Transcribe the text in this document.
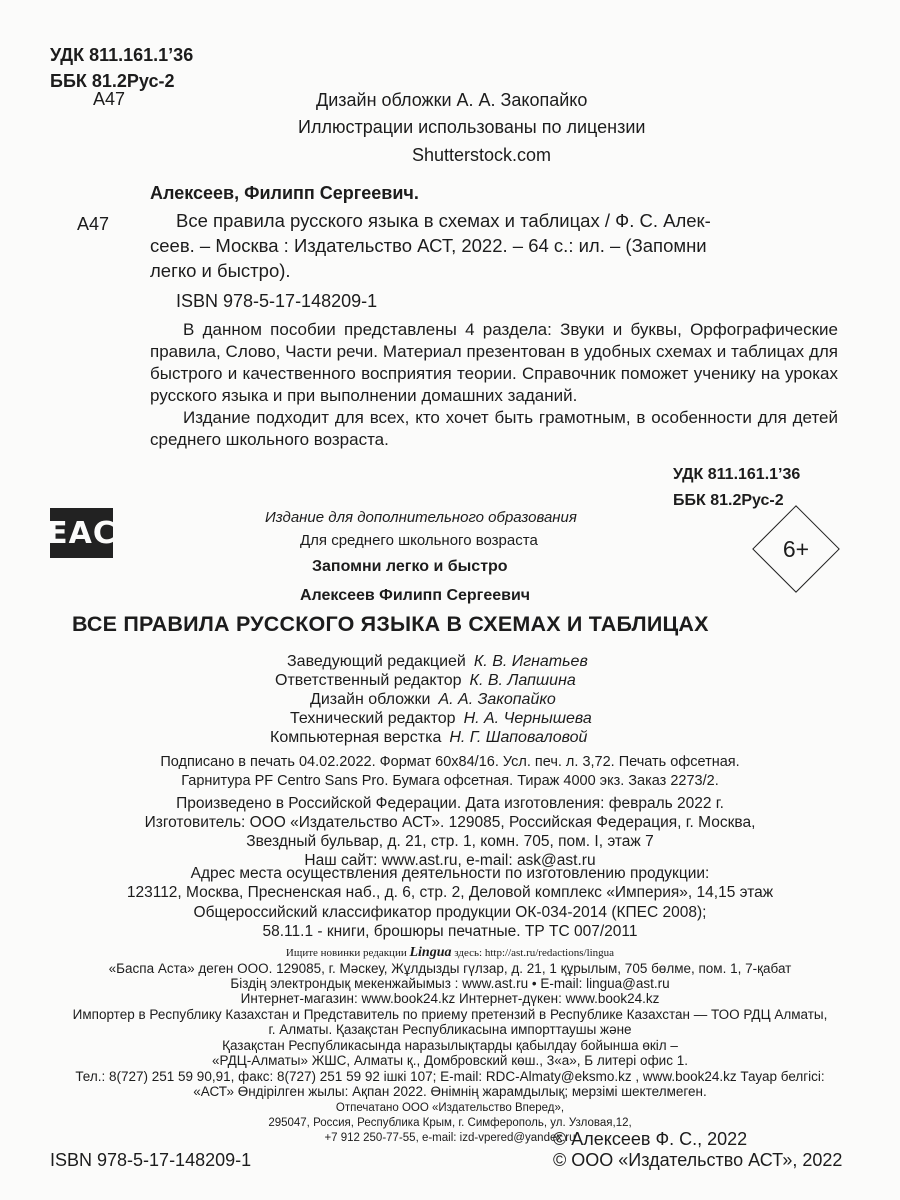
УДК 811.161.1’36
ББК 81.2Рус-2
А47	Дизайн обложки А. А. Закопайко
Иллюстрации использованы по лицензии
Shutterstock.com
Алексеев, Филипп Сергеевич.
А47	Все правила русского языка в схемах и таблицах / Ф. С. Алек-
сеев. – Москва : Издательство АСТ, 2022. – 64 с.: ил. – (Запомни
легко и быстро).
ISBN 978-5-17-148209-1

В данном пособии представлены 4 раздела: Звуки и буквы, Орфографические правила, Слово, Части речи. Материал презентован в удобных схемах и таблицах для быстрого и качественного восприятия теории. Справочник поможет ученику на уроках русского языка и при выполнении домашних заданий.

Издание подходит для всех, кто хочет быть грамотным, в особенности для детей среднего школьного возраста.

УДК 811.161.1’36
ББК 81.2Рус-2
EAC	6+
Издание для дополнительного образования
Для среднего школьного возраста
Запомни легко и быстро
Алексеев Филипп Сергеевич
ВСЕ ПРАВИЛА РУССКОГО ЯЗЫКА В СХЕМАХ И ТАБЛИЦАХ
Заведующий редакцией К. В. Игнатьев
Ответственный редактор К. В. Лапшина
Дизайн обложки А. А. Закопайко
Технический редактор Н. А. Чернышева
Компьютерная верстка Н. Г. Шаповаловой
Подписано в печать 04.02.2022. Формат 60х84/16. Усл. печ. л. 3,72. Печать офсетная.
Гарнитура PF Centro Sans Pro. Бумага офсетная. Тираж 4000 экз. Заказ 2273/2.
Произведено в Российской Федерации. Дата изготовления: февраль 2022 г.
Изготовитель: ООО «Издательство АСТ». 129085, Российская Федерация, г. Москва,
Звездный бульвар, д. 21, стр. 1, комн. 705, пом. I, этаж 7
Наш сайт: www.ast.ru, e-mail: ask@ast.ru
Адрес места осуществления деятельности по изготовлению продукции:
123112, Москва, Пресненская наб., д. 6, стр. 2, Деловой комплекс «Империя», 14,15 этаж
Общероссийский классификатор продукции ОК-034-2014 (КПЕС 2008);
58.11.1 - книги, брошюры печатные. ТР ТС 007/2011
Ищите новинки редакции Lingua здесь: http://ast.ru/redactions/lingua
«Баспа Аста» деген ООО. 129085, г. Мәскеу, Жұлдызды гүлзар, д. 21, 1 құрылым, 705 бөлме, пом. 1, 7-қабат
Біздің электрондық мекенжайымыз : www.ast.ru • E-mail: lingua@ast.ru
Интернет-магазин: www.book24.kz Интернет-дүкен: www.book24.kz
Импортер в Республику Казахстан и Представитель по приему претензий в Республике Казахстан — ТОО РДЦ Алматы,
г. Алматы. Қазақстан Республикасына импорттаушы және
Қазақстан Республикасында наразылықтарды қабылдау бойынша өкіл –
«РДЦ-Алматы» ЖШС, Алматы қ., Домбровский көш., 3«а», Б литері офис 1.
Тел.: 8(727) 251 59 90,91, факс: 8(727) 251 59 92 ішкі 107; E-mail: RDC-Almaty@eksmo.kz , www.book24.kz Тауар белгісі:
«АСТ» Өндірілген жылы: Ақпан 2022. Өнімнің жарамдылық; мерзімі шектелмеген.
Отпечатано ООО «Издательство Вперед»,
295047, Россия, Республика Крым, г. Симферополь, ул. Узловая,12,
+7 912 250-77-55, e-mail: izd-vpered@yandex.ru
ISBN 978-5-17-148209-1
© Алексеев Ф. С., 2022
© ООО «Издательство АСТ», 2022
